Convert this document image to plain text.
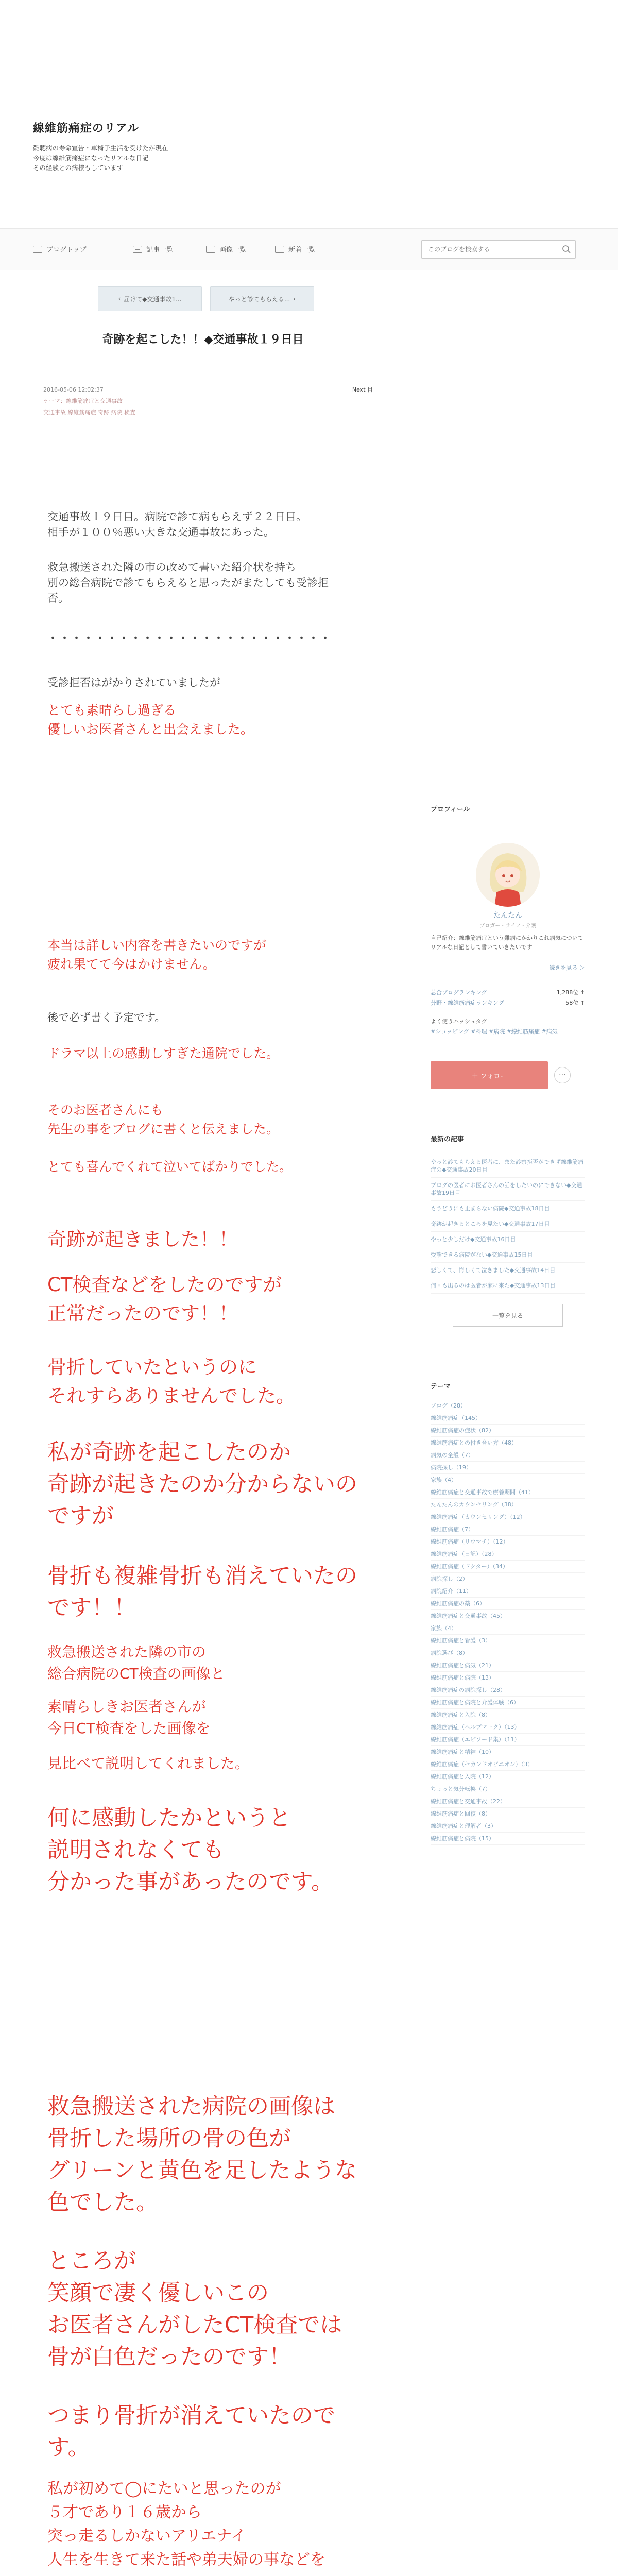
線維筋痛症のリアル
難聴病の寿命宣告・車椅子生活を受けたが現在
今度は線維筋痛症になったリアルな日記
その経験との病様もしています
ブログトップ	記事一覧	画像一覧	新着一覧
このブログを検索する
‹ 届けて◆交通事故1...	やっと診てもらえる... ›
奇跡を起こした！！◆交通事故１９日目
2016-05-06 12:02:37	Next 目
テーマ：線維筋痛症と交通事故
交通事故 線維筋痛症 奇跡 病院 検査
交通事故１９日目。病院で診て病もらえず２２日目。
相手が１００％悪い大きな交通事故にあった。
救急搬送された隣の市の改めて書いた紹介状を持ち
別の総合病院で診てもらえると思ったがまたしても受診拒
否。
・・・・・・・・・・・・・・・・・・・・・・・・
受診拒否はがかりされていましたが
とても素晴らし過ぎる
優しいお医者さんと出会えました。
本当は詳しい内容を書きたいのですが
疲れ果てて今はかけません。
後で必ず書く予定です。
ドラマ以上の感動しすぎた通院でした。
そのお医者さんにも
先生の事をブログに書くと伝えました。
とても喜んでくれて泣いてばかりでした。
奇跡が起きました！！
CT検査などをしたのですが
正常だったのです！！
骨折していたというのに
それすらありませんでした。
私が奇跡を起こしたのか
奇跡が起きたのか分からないの
ですが
骨折も複雑骨折も消えていたの
です！！
救急搬送された隣の市の
総合病院のCT検査の画像と
素晴らしきお医者さんが
今日CT検査をした画像を
見比べて説明してくれました。
何に感動したかというと
説明されなくても
分かった事があったのです。
救急搬送された病院の画像は
骨折した場所の骨の色が
グリーンと黄色を足したような
色でした。
ところが
笑顔で凄く優しいこの
お医者さんがしたCT検査では
骨が白色だったのです！
つまり骨折が消えていたので
す。
私が初めて◯にたいと思ったのが
５才であり１６歳から
突っ走るしかないアリエナイ
人生を生きて来た話や弟夫婦の事などを
プロフィール
たんたん
ブロガー・ライフ・介護
自己紹介：線維筋痛症という難病にかかりこれ病気についてリアルな日記として書いていきたいです
続きを見る ＞
总合ブログランキング	1,288位 ↑
分野・線維筋痛症ランキング	58位 ↑
よく使うハッシュタグ
#ショッピング #料理 #病院 #線維筋痛症 #病気
＋ フォロー	⋯
最新の記事
やっと診てもらえる医者に、また診察拒否ができず線維筋痛症の◆交通事故20日目
ブログの医者にお医者さんの話をしたいのにできない◆交通事故19日目
もうどうにも止まらない病院◆交通事故18日目
奇跡が起きるところを見たい◆交通事故17日目
やっと少しだけ◆交通事故16日目
受診できる病院がない◆交通事故15日目
悲しくて、悔しくて泣きました◆交通事故14日目
何回も出るのは医者が家に来た◆交通事故13日目
一覧を見る
テーマ
ブログ（28）
線維筋痛症（145）
線維筋痛症の症状（82）
線維筋痛症との付き合い方（48）
病気の全般（7）
病院探し（19）
家族（4）
線維筋痛症と交通事故で療養期間（41）
たんたんのカウンセリング（38）
線維筋痛症（カウンセリング）（12）
線維筋痛症（7）
線維筋痛症（リウマチ）（12）
線維筋痛症（日記）（28）
線維筋痛症（ドクター）（34）
病院探し（2）
病院紹介（11）
線維筋痛症の薬（6）
線維筋痛症と交通事故（45）
家族（4）
線維筋痛症と看護（3）
病院選び（8）
線維筋痛症と病気（21）
線維筋痛症と病院（13）
線維筋痛症の病院探し（28）
線維筋痛症と病院と介護体験（6）
線維筋痛症と入院（8）
線維筋痛症（ヘルプマーク）（13）
線維筋痛症（エピソード集）（11）
線維筋痛症と精神（10）
線維筋痛症（セカンドオピニオン）（3）
線維筋痛症と入院（12）
ちょっと気分転換（7）
線維筋痛症と交通事故（22）
線維筋痛症と回復（8）
線維筋痛症と理解者（3）
線維筋痛症と病院（15）
